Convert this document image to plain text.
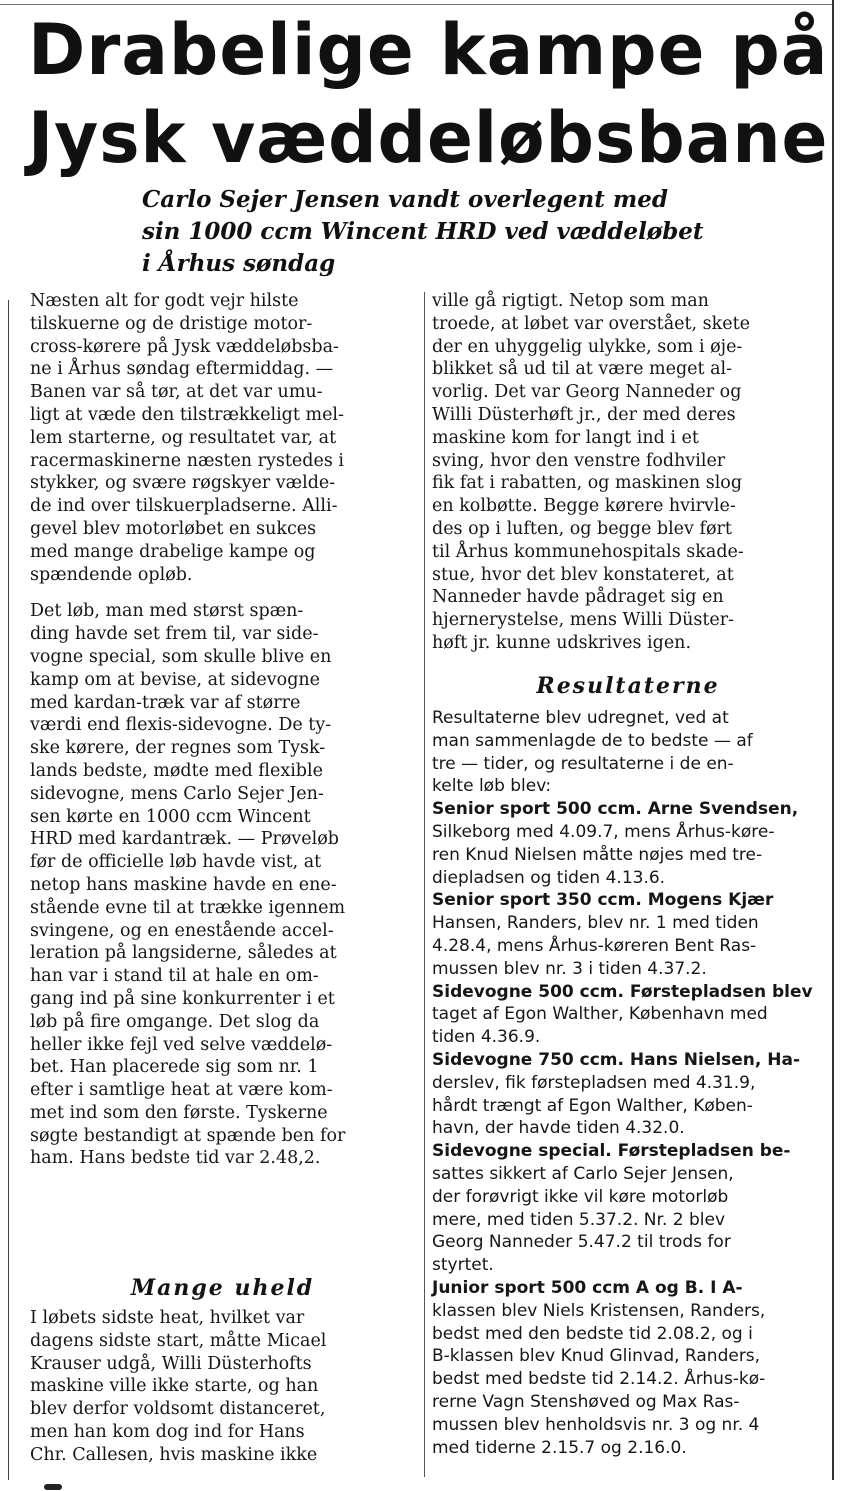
Drabelige kampe på
Jysk væddeløbsbane
Carlo Sejer Jensen vandt overlegent med
sin 1000 ccm Wincent HRD ved væddeløbet
i Århus søndag
Næsten alt for godt vejr hilste
tilskuerne og de dristige motor-
cross-kørere på Jysk væddeløbsba-
ne i Århus søndag eftermiddag. —
Banen var så tør, at det var umu-
ligt at væde den tilstrækkeligt mel-
lem starterne, og resultatet var, at
racermaskinerne næsten rystedes i
stykker, og svære røgskyer vælde-
de ind over tilskuerpladserne. Alli-
gevel blev motorløbet en sukces
med mange drabelige kampe og
spændende opløb.
Det løb, man med størst spæn-
ding havde set frem til, var side-
vogne special, som skulle blive en
kamp om at bevise, at sidevogne
med kardan-træk var af større
værdi end flexis-sidevogne. De ty-
ske kørere, der regnes som Tysk-
lands bedste, mødte med flexible
sidevogne, mens Carlo Sejer Jen-
sen kørte en 1000 ccm Wincent
HRD med kardantræk. — Prøveløb
før de officielle løb havde vist, at
netop hans maskine havde en ene-
stående evne til at trække igennem
svingene, og en enestående accel-
leration på langsiderne, således at
han var i stand til at hale en om-
gang ind på sine konkurrenter i et
løb på fire omgange. Det slog da
heller ikke fejl ved selve væddelø-
bet. Han placerede sig som nr. 1
efter i samtlige heat at være kom-
met ind som den første. Tyskerne
søgte bestandigt at spænde ben for
ham. Hans bedste tid var 2.48,2.
Mange uheld
I løbets sidste heat, hvilket var
dagens sidste start, måtte Micael
Krauser udgå, Willi Düsterhofts
maskine ville ikke starte, og han
blev derfor voldsomt distanceret,
men han kom dog ind for Hans
Chr. Callesen, hvis maskine ikke
ville gå rigtigt. Netop som man
troede, at løbet var overstået, skete
der en uhyggelig ulykke, som i øje-
blikket så ud til at være meget al-
vorlig. Det var Georg Nanneder og
Willi Düsterhøft jr., der med deres
maskine kom for langt ind i et
sving, hvor den venstre fodhviler
fik fat i rabatten, og maskinen slog
en kolbøtte. Begge kørere hvirvle-
des op i luften, og begge blev ført
til Århus kommunehospitals skade-
stue, hvor det blev konstateret, at
Nanneder havde pådraget sig en
hjernerystelse, mens Willi Düster-
høft jr. kunne udskrives igen.
Resultaterne
Resultaterne blev udregnet, ved at
man sammenlagde de to bedste — af
tre — tider, og resultaterne i de en-
kelte løb blev:
Senior sport 500 ccm. Arne Svendsen,
Silkeborg med 4.09.7, mens Århus-køre-
ren Knud Nielsen måtte nøjes med tre-
diepladsen og tiden 4.13.6.
Senior sport 350 ccm. Mogens Kjær
Hansen, Randers, blev nr. 1 med tiden
4.28.4, mens Århus-køreren Bent Ras-
mussen blev nr. 3 i tiden 4.37.2.
Sidevogne 500 ccm. Førstepladsen blev
taget af Egon Walther, København med
tiden 4.36.9.
Sidevogne 750 ccm. Hans Nielsen, Ha-
derslev, fik førstepladsen med 4.31.9,
hårdt trængt af Egon Walther, Køben-
havn, der havde tiden 4.32.0.
Sidevogne special. Førstepladsen be-
sattes sikkert af Carlo Sejer Jensen,
der forøvrigt ikke vil køre motorløb
mere, med tiden 5.37.2. Nr. 2 blev
Georg Nanneder 5.47.2 til trods for
styrtet.
Junior sport 500 ccm A og B. I A-
klassen blev Niels Kristensen, Randers,
bedst med den bedste tid 2.08.2, og i
B-klassen blev Knud Glinvad, Randers,
bedst med bedste tid 2.14.2. Århus-kø-
rerne Vagn Stenshøved og Max Ras-
mussen blev henholdsvis nr. 3 og nr. 4
med tiderne 2.15.7 og 2.16.0.
